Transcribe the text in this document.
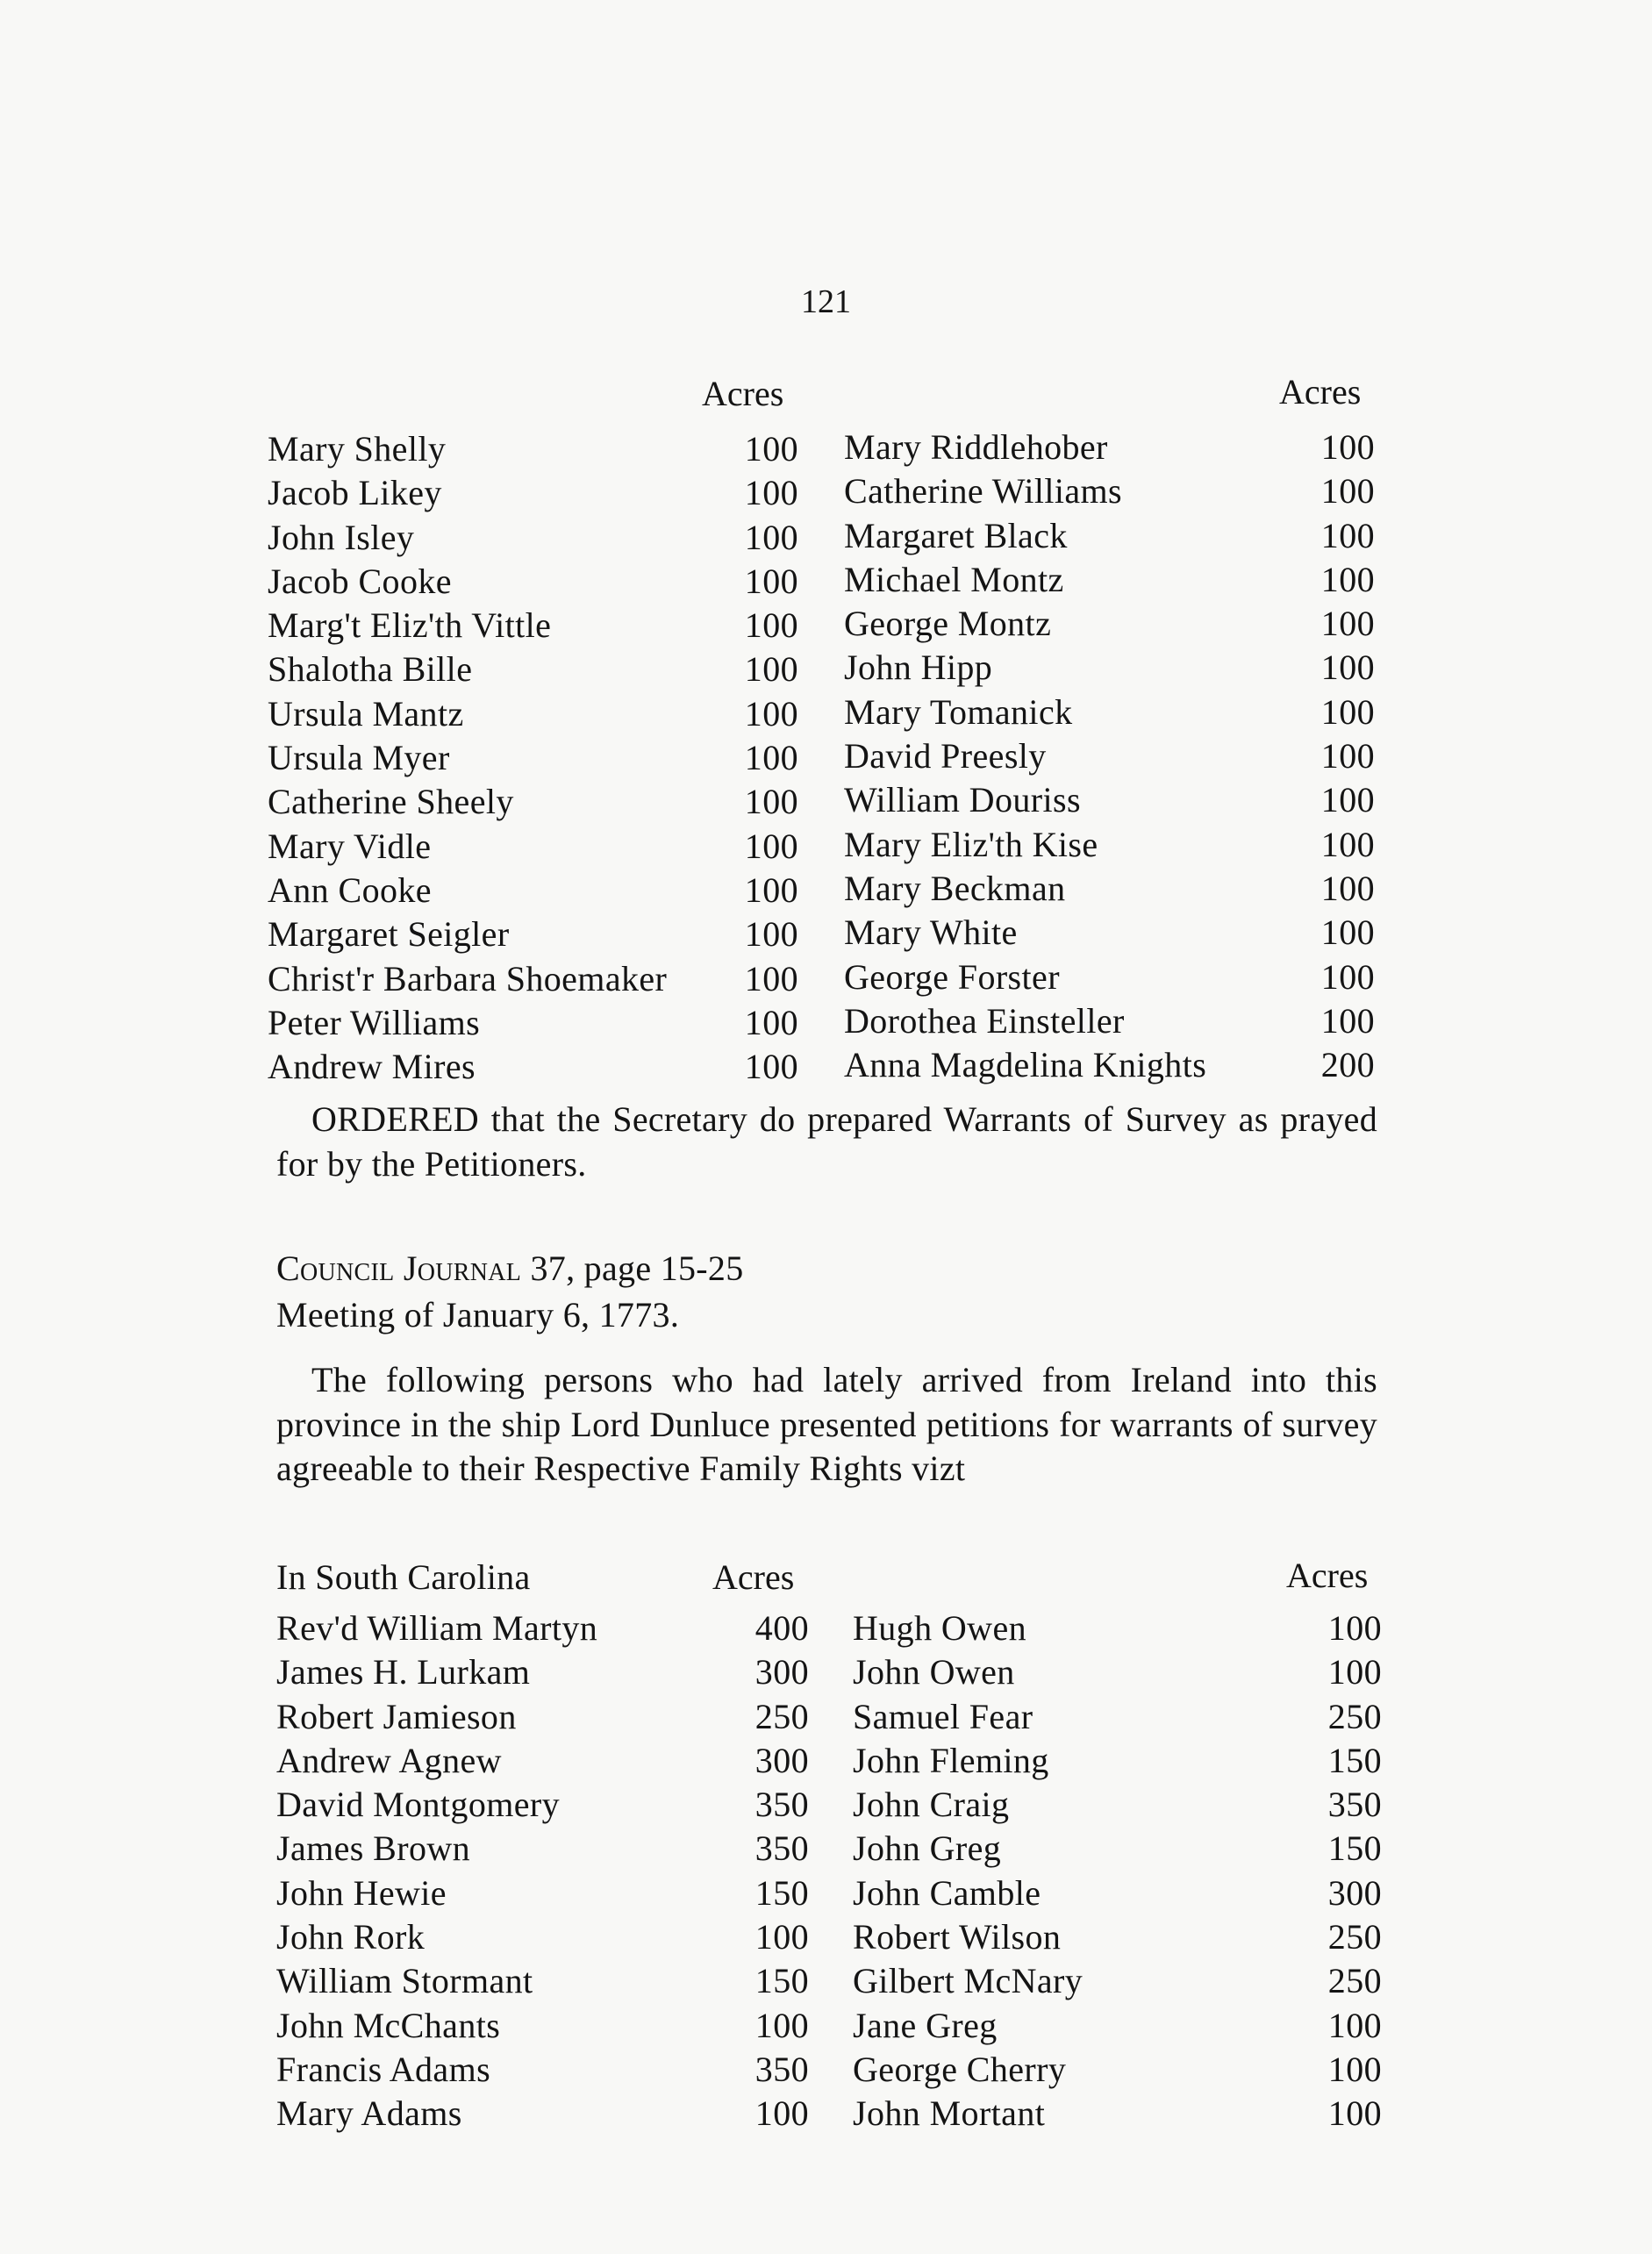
121
Acres	Acres
Mary Shelly	100
Jacob Likey	100
John Isley	100
Jacob Cooke	100
Marg't Eliz'th Vittle	100
Shalotha Bille	100
Ursula Mantz	100
Ursula Myer	100
Catherine Sheely	100
Mary Vidle	100
Ann Cooke	100
Margaret Seigler	100
Christ'r Barbara Shoemaker 100
Peter Williams	100
Andrew Mires	100
Mary Riddlehober	100
Catherine Williams	100
Margaret Black	100
Michael Montz	100
George Montz	100
John Hipp	100
Mary Tomanick	100
David Preesly	100
William Douriss	100
Mary Eliz'th Kise	100
Mary Beckman	100
Mary White	100
George Forster	100
Dorothea Einsteller	100
Anna Magdelina Knights	200
ORDERED that the Secretary do prepared Warrants of Survey as prayed for by the Petitioners.
Council Journal 37, page 15-25
Meeting of January 6, 1773.
The following persons who had lately arrived from Ireland into this province in the ship Lord Dunluce presented petitions for warrants of survey agreeable to their Respective Family Rights vizt
In South Carolina	Acres	Acres
Rev'd William Martyn	400
James H. Lurkam	300
Robert Jamieson	250
Andrew Agnew	300
David Montgomery	350
James Brown	350
John Hewie	150
John Rork	100
William Stormant	150
John McChants	100
Francis Adams	350
Mary Adams	100
Hugh Owen	100
John Owen	100
Samuel Fear	250
John Fleming	150
John Craig	350
John Greg	150
John Camble	300
Robert Wilson	250
Gilbert McNary	250
Jane Greg	100
George Cherry	100
John Mortant	100
